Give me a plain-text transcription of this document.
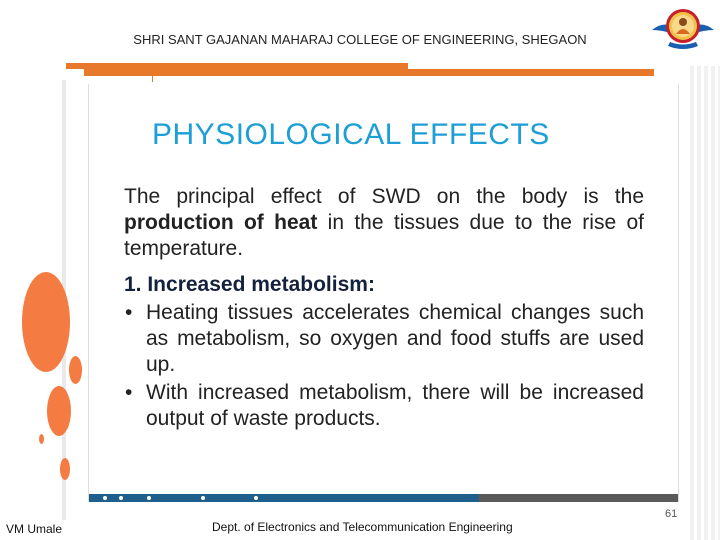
SHRI SANT GAJANAN MAHARAJ COLLEGE OF ENGINEERING, SHEGAON
PHYSIOLOGICAL EFFECTS

The principal effect of SWD on the body is the production of heat in the tissues due to the rise of temperature.

1. Increased metabolism:
• Heating tissues accelerates chemical changes such as metabolism, so oxygen and food stuffs are used up.
• With increased metabolism, there will be increased output of waste products.
VM Umale	Dept. of Electronics and Telecommunication Engineering
61
